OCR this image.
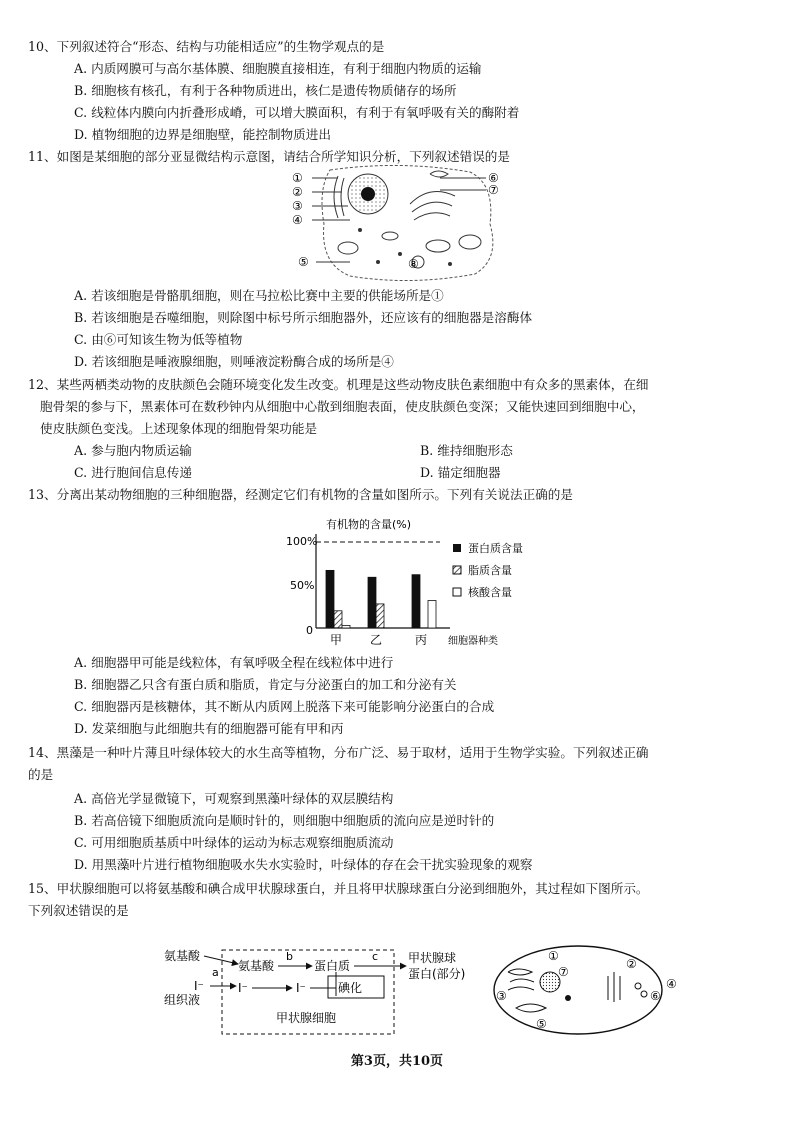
10、下列叙述符合“形态、结构与功能相适应”的生物学观点的是
A. 内质网膜可与高尔基体膜、细胞膜直接相连，有利于细胞内物质的运输
B. 细胞核有核孔，有利于各种物质进出，核仁是遗传物质储存的场所
C. 线粒体内膜向内折叠形成嵴，可以增大膜面积，有利于有氧呼吸有关的酶附着
D. 植物细胞的边界是细胞壁，能控制物质进出
11、如图是某细胞的部分亚显微结构示意图，请结合所学知识分析，下列叙述错误的是
①
②
③
④
⑤
⑥
⑦
⑧
A. 若该细胞是骨骼肌细胞，则在马拉松比赛中主要的供能场所是①
B. 若该细胞是吞噬细胞，则除图中标号所示细胞器外，还应该有的细胞器是溶酶体
C. 由⑥可知该生物为低等植物
D. 若该细胞是唾液腺细胞，则唾液淀粉酶合成的场所是④
12、某些两栖类动物的皮肤颜色会随环境变化发生改变。机理是这些动物皮肤色素细胞中有众多的黑素体，在细
胞骨架的参与下，黑素体可在数秒钟内从细胞中心散到细胞表面，使皮肤颜色变深；又能快速回到细胞中心，
使皮肤颜色变浅。上述现象体现的细胞骨架功能是
A. 参与胞内物质运输	B. 维持细胞形态
C. 进行胞间信息传递	D. 锚定细胞器
13、分离出某动物细胞的三种细胞器，经测定它们有机物的含量如图所示。下列有关说法正确的是
有机物的含量(%)
100%
50%
0
甲 乙	丙 细胞器种类
蛋白质含量
脂质含量
核酸含量
A. 细胞器甲可能是线粒体，有氧呼吸全程在线粒体中进行
B. 细胞器乙只含有蛋白质和脂质，肯定与分泌蛋白的加工和分泌有关
C. 细胞器丙是核糖体，其不断从内质网上脱落下来可能影响分泌蛋白的合成
D. 发菜细胞与此细胞共有的细胞器可能有甲和丙
14、黑藻是一种叶片薄且叶绿体较大的水生高等植物，分布广泛、易于取材，适用于生物学实验。下列叙述正确
的是
A. 高倍光学显微镜下，可观察到黑藻叶绿体的双层膜结构
B. 若高倍镜下细胞质流向是顺时针的，则细胞中细胞质的流向应是逆时针的
C. 可用细胞质基质中叶绿体的运动为标志观察细胞质流动
D. 用黑藻叶片进行植物细胞吸水失水实验时，叶绿体的存在会干扰实验现象的观察
15、甲状腺细胞可以将氨基酸和碘合成甲状腺球蛋白，并且将甲状腺球蛋白分泌到细胞外，其过程如下图所示。
下列叙述错误的是
氨基酸
a
I⁻
组织液
氨基酸
b
蛋白质
c 甲状腺球
蛋白(部分)
I⁻	I⁻	碘化
甲状腺细胞
①
②
③
④
⑤
⑥
⑦
第3页，共10页
